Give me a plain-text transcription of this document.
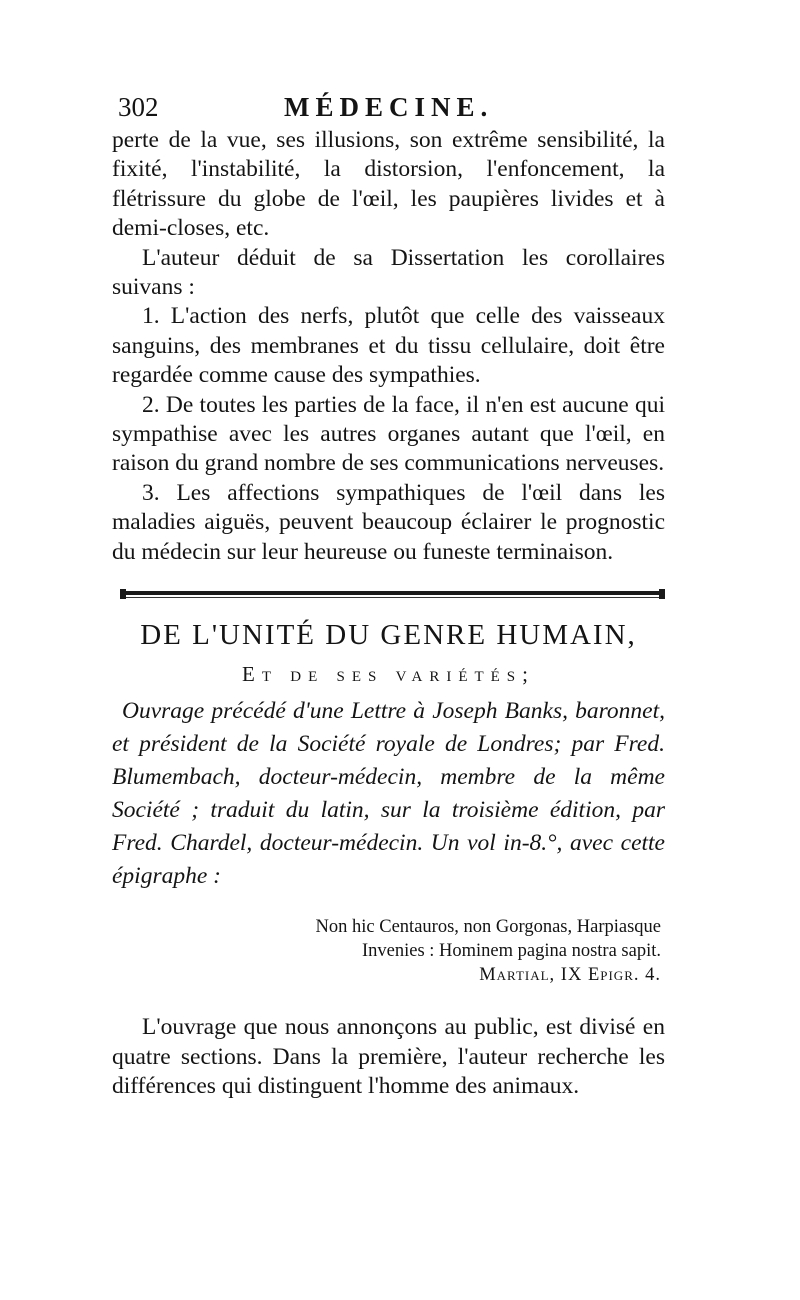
302	MÉDECINE.

perte de la vue, ses illusions, son extrême sensibilité, la fixité, l'instabilité, la distorsion, l'enfoncement, la flétrissure du globe de l'œil, les paupières livides et à demi-closes, etc.

L'auteur déduit de sa Dissertation les corollaires suivans :

1. L'action des nerfs, plutôt que celle des vaisseaux sanguins, des membranes et du tissu cellulaire, doit être regardée comme cause des sympathies.

2. De toutes les parties de la face, il n'en est aucune qui sympathise avec les autres organes autant que l'œil, en raison du grand nombre de ses communications nerveuses.

3. Les affections sympathiques de l'œil dans les maladies aiguës, peuvent beaucoup éclairer le prognostic du médecin sur leur heureuse ou funeste terminaison.

DE L'UNITÉ DU GENRE HUMAIN,
Et de ses variétés;

Ouvrage précédé d'une Lettre à Joseph Banks, baronnet, et président de la Société royale de Londres; par Fred. Blumembach, docteur-médecin, membre de la même Société ; traduit du latin, sur la troisième édition, par Fred. Chardel, docteur-médecin. Un vol in-8.°, avec cette épigraphe :

Non hic Centauros, non Gorgonas, Harpiasque
Invenies : Hominem pagina nostra sapit.
Martial, IX Epigr. 4.

L'ouvrage que nous annonçons au public, est divisé en quatre sections. Dans la première, l'auteur recherche les différences qui distinguent l'homme des animaux.
